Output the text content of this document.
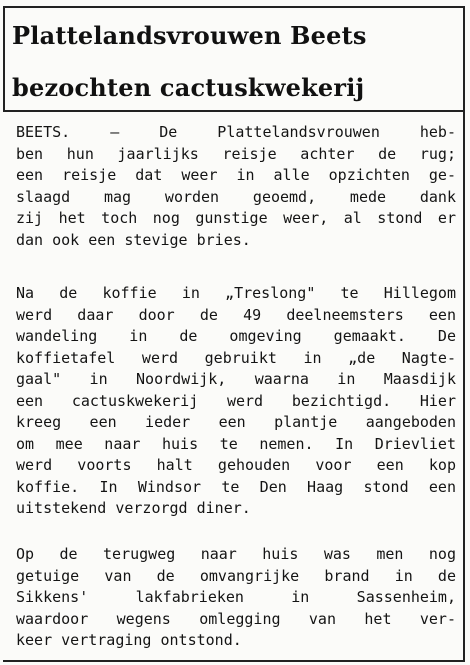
Plattelandsvrouwen Beets
bezochten cactuskwekerij
BEETS. — De Plattelandsvrouwen heb-
ben hun jaarlijks reisje achter de rug;
een reisje dat weer in alle opzichten ge-
slaagd mag worden geoemd, mede dank
zij het toch nog gunstige weer, al stond er
dan ook een stevige bries.
Na de koffie in „Treslong" te Hillegom
werd daar door de 49 deelneemsters een
wandeling in de omgeving gemaakt. De
koffietafel werd gebruikt in „de Nagte-
gaal" in Noordwijk, waarna in Maasdijk
een cactuskwekerij werd bezichtigd. Hier
kreeg een ieder een plantje aangeboden
om mee naar huis te nemen. In Drievliet
werd voorts halt gehouden voor een kop
koffie. In Windsor te Den Haag stond een
uitstekend verzorgd diner.
Op de terugweg naar huis was men nog
getuige van de omvangrijke brand in de
Sikkens' lakfabrieken in Sassenheim,
waardoor wegens omlegging van het ver-
keer vertraging ontstond.
